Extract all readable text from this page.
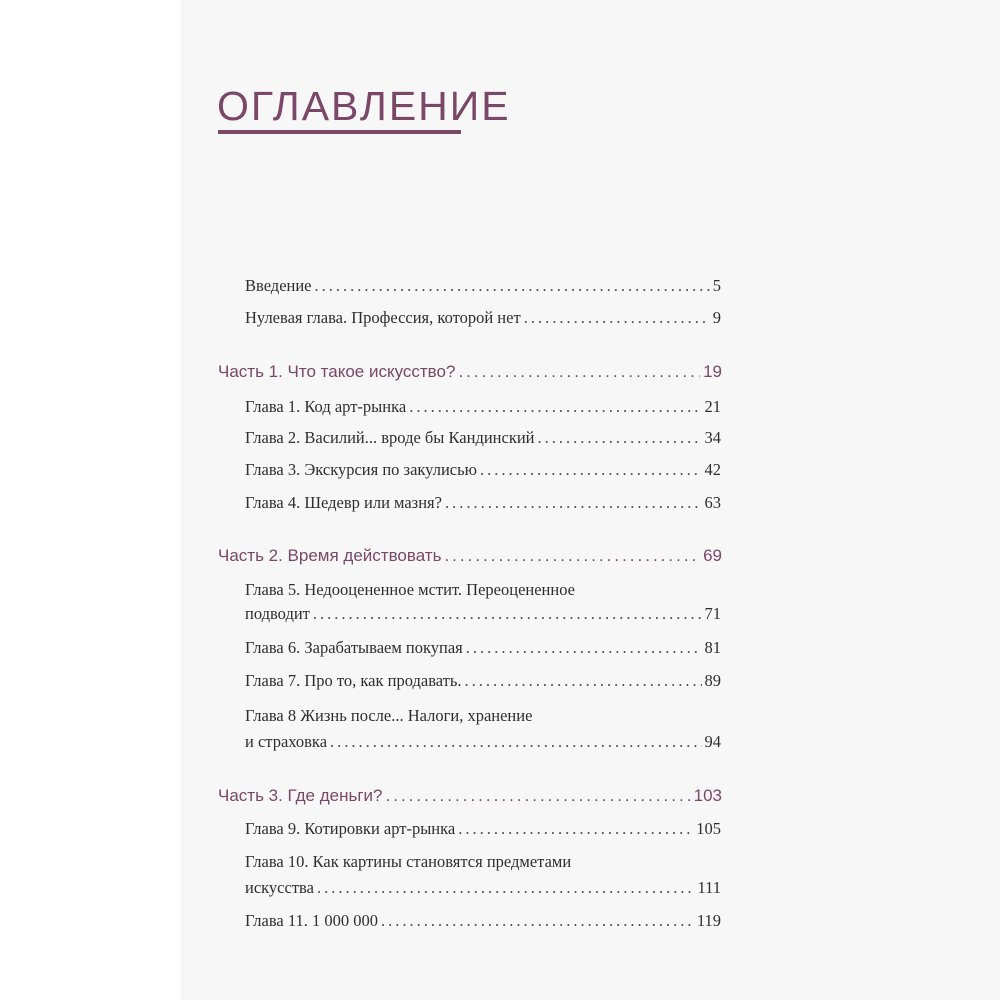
ОГЛАВЛЕНИЕ
Введение .....	5
Нулевая глава. Профессия, которой нет .....	9
Часть 1. Что такое искусство? .....	19
Глава 1. Код арт-рынка .....	21
Глава 2. Василий... вроде бы Кандинский .....	34
Глава 3. Экскурсия по закулисью .....	42
Глава 4. Шедевр или мазня? .....	63
Часть 2. Время действовать .....	69
Глава 5. Недооцененное мстит. Переоцененное
подводит .....	71
Глава 6. Зарабатываем покупая .....	81
Глава 7. Про то, как продавать. .....	89
Глава 8 Жизнь после... Налоги, хранение
и страховка .....	94
Часть 3. Где деньги? .....	103
Глава 9. Котировки арт-рынка .....	105
Глава 10. Как картины становятся предметами
искусства .....	111
Глава 11. 1 000 000 .....	119
